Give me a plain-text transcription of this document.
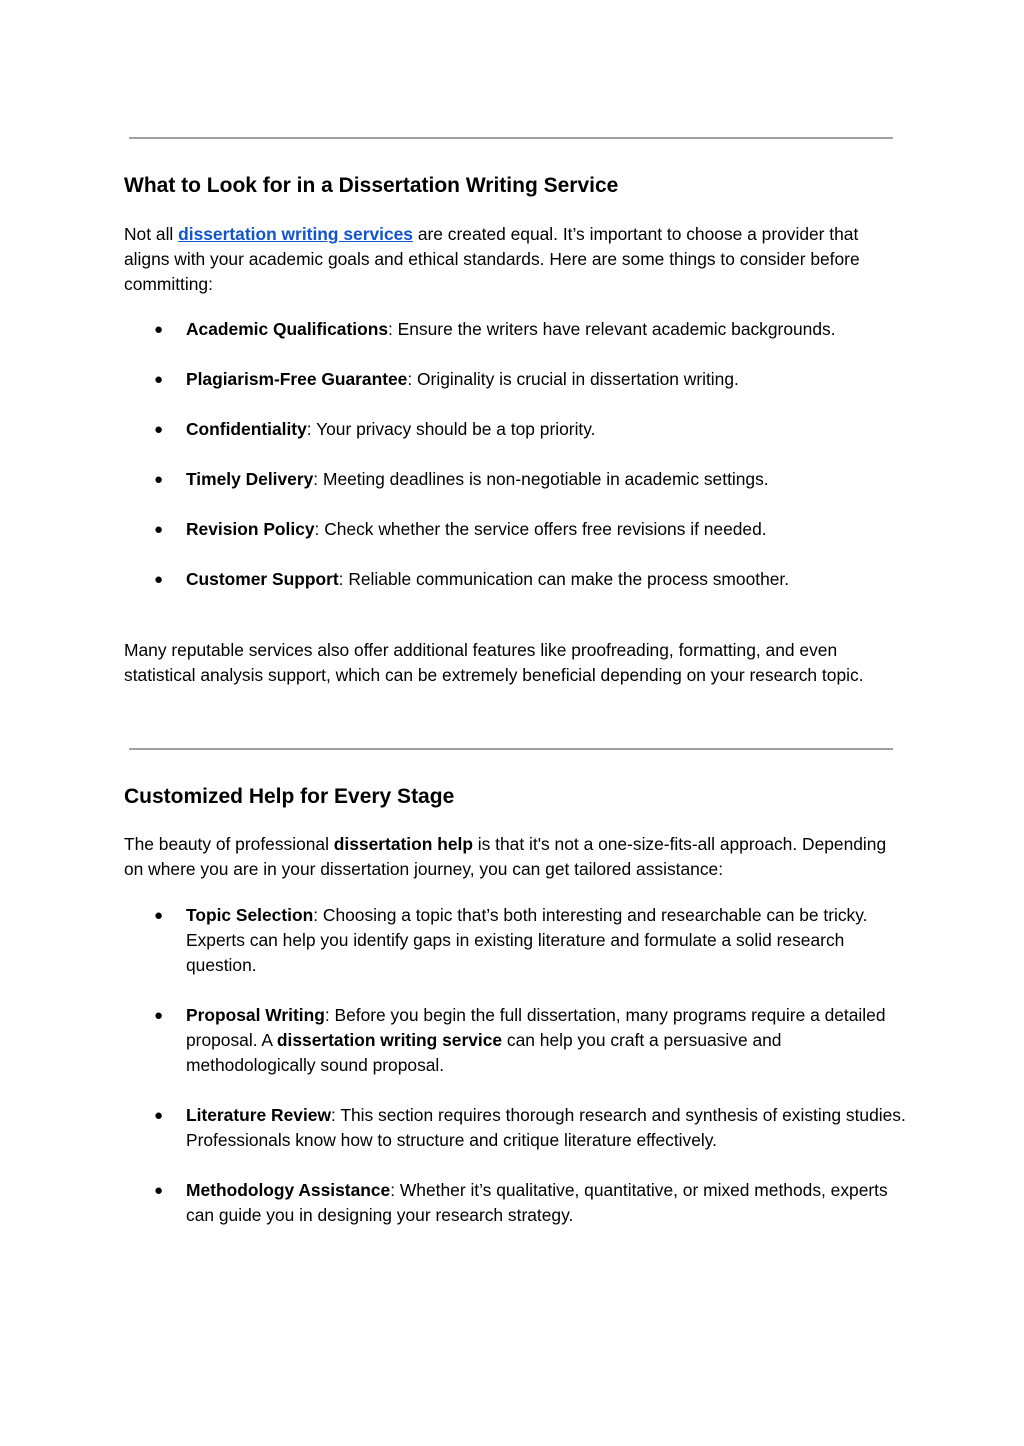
What to Look for in a Dissertation Writing Service

Not all dissertation writing services are created equal. It’s important to choose a provider that aligns with your academic goals and ethical standards. Here are some things to consider before committing:

● Academic Qualifications: Ensure the writers have relevant academic backgrounds.
● Plagiarism-Free Guarantee: Originality is crucial in dissertation writing.
● Confidentiality: Your privacy should be a top priority.
● Timely Delivery: Meeting deadlines is non-negotiable in academic settings.
● Revision Policy: Check whether the service offers free revisions if needed.
● Customer Support: Reliable communication can make the process smoother.

Many reputable services also offer additional features like proofreading, formatting, and even statistical analysis support, which can be extremely beneficial depending on your research topic.

Customized Help for Every Stage

The beauty of professional dissertation help is that it's not a one-size-fits-all approach. Depending on where you are in your dissertation journey, you can get tailored assistance:

● Topic Selection: Choosing a topic that’s both interesting and researchable can be tricky. Experts can help you identify gaps in existing literature and formulate a solid research question.
● Proposal Writing: Before you begin the full dissertation, many programs require a detailed proposal. A dissertation writing service can help you craft a persuasive and methodologically sound proposal.
● Literature Review: This section requires thorough research and synthesis of existing studies. Professionals know how to structure and critique literature effectively.
● Methodology Assistance: Whether it’s qualitative, quantitative, or mixed methods, experts can guide you in designing your research strategy.
